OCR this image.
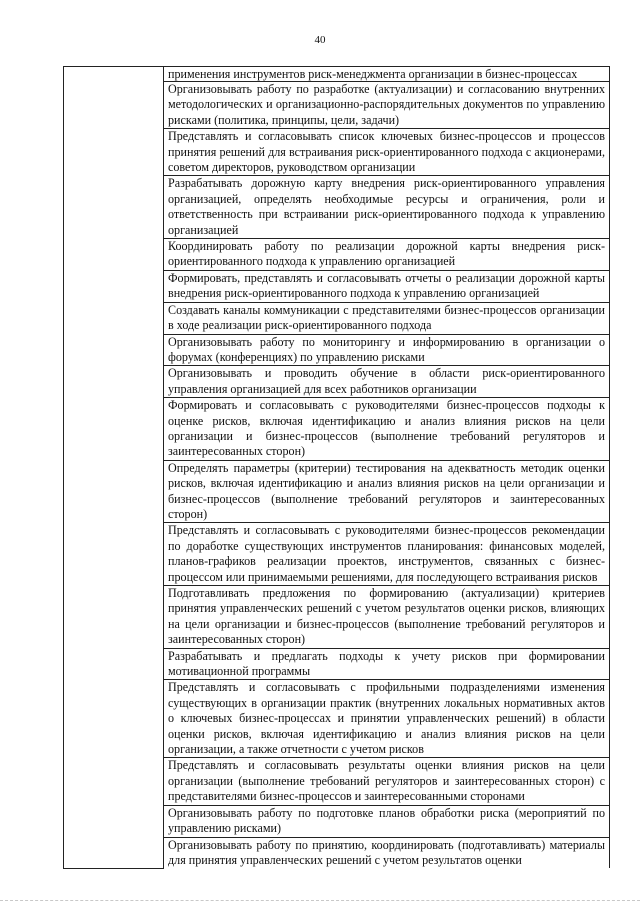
40
	применения инструментов риск-менеджмента организации в бизнес-процессах
Организовывать работу по разработке (актуализации) и согласованию внутренних методологических и организационно-распорядительных документов по управлению рисками (политика, принципы, цели, задачи)
Представлять и согласовывать список ключевых бизнес-процессов и процессов принятия решений для встраивания риск-ориентированного подхода с акционерами, советом директоров, руководством организации
Разрабатывать дорожную карту внедрения риск-ориентированного управления организацией, определять необходимые ресурсы и ограничения, роли и ответственность при встраивании риск-ориентированного подхода к управлению организацией
Координировать работу по реализации дорожной карты внедрения риск-ориентированного подхода к управлению организацией
Формировать, представлять и согласовывать отчеты о реализации дорожной карты внедрения риск-ориентированного подхода к управлению организацией
Создавать каналы коммуникации с представителями бизнес-процессов организации в ходе реализации риск-ориентированного подхода
Организовывать работу по мониторингу и информированию в организации о форумах (конференциях) по управлению рисками
Организовывать и проводить обучение в области риск-ориентированного управления организацией для всех работников организации
Формировать и согласовывать с руководителями бизнес-процессов подходы к оценке рисков, включая идентификацию и анализ влияния рисков на цели организации и бизнес-процессов (выполнение требований регуляторов и заинтересованных сторон)
Определять параметры (критерии) тестирования на адекватность методик оценки рисков, включая идентификацию и анализ влияния рисков на цели организации и бизнес-процессов (выполнение требований регуляторов и заинтересованных сторон)
Представлять и согласовывать с руководителями бизнес-процессов рекомендации по доработке существующих инструментов планирования: финансовых моделей, планов-графиков реализации проектов, инструментов, связанных с бизнес-процессом или принимаемыми решениями, для последующего встраивания рисков
Подготавливать предложения по формированию (актуализации) критериев принятия управленческих решений с учетом результатов оценки рисков, влияющих на цели организации и бизнес-процессов (выполнение требований регуляторов и заинтересованных сторон)
Разрабатывать и предлагать подходы к учету рисков при формировании мотивационной программы
Представлять и согласовывать с профильными подразделениями изменения существующих в организации практик (внутренних локальных нормативных актов о ключевых бизнес-процессах и принятии управленческих решений) в области оценки рисков, включая идентификацию и анализ влияния рисков на цели организации, а также отчетности с учетом рисков
Представлять и согласовывать результаты оценки влияния рисков на цели организации (выполнение требований регуляторов и заинтересованных сторон) с представителями бизнес-процессов и заинтересованными сторонами
Организовывать работу по подготовке планов обработки риска (мероприятий по управлению рисками)
Организовывать работу по принятию, координировать (подготавливать) материалы для принятия управленческих решений с учетом результатов оценки
